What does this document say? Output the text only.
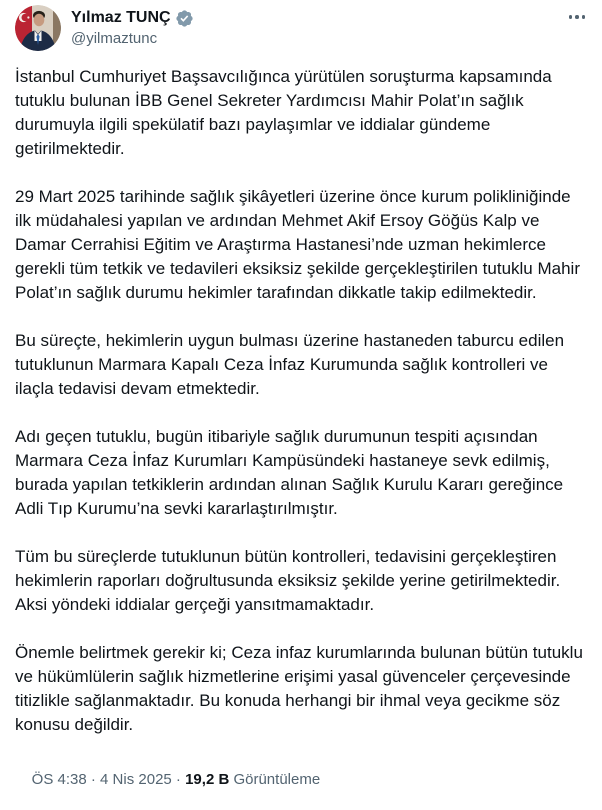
Yılmaz TUNÇ
@yilmaztunc

İstanbul Cumhuriyet Başsavcılığınca yürütülen soruşturma kapsamında tutuklu bulunan İBB Genel Sekreter Yardımcısı Mahir Polat’ın sağlık durumuyla ilgili spekülatif bazı paylaşımlar ve iddialar gündeme getirilmektedir.

29 Mart 2025 tarihinde sağlık şikâyetleri üzerine önce kurum polikliniğinde ilk müdahalesi yapılan ve ardından Mehmet Akif Ersoy Göğüs Kalp ve Damar Cerrahisi Eğitim ve Araştırma Hastanesi’nde uzman hekimlerce gerekli tüm tetkik ve tedavileri eksiksiz şekilde gerçekleştirilen tutuklu Mahir Polat’ın sağlık durumu hekimler tarafından dikkatle takip edilmektedir.

Bu süreçte, hekimlerin uygun bulması üzerine hastaneden taburcu edilen tutuklunun Marmara Kapalı Ceza İnfaz Kurumunda sağlık kontrolleri ve ilaçla tedavisi devam etmektedir.

Adı geçen tutuklu, bugün itibariyle sağlık durumunun tespiti açısından Marmara Ceza İnfaz Kurumları Kampüsündeki hastaneye sevk edilmiş, burada yapılan tetkiklerin ardından alınan Sağlık Kurulu Kararı gereğince Adli Tıp Kurumu’na sevki kararlaştırılmıştır.

Tüm bu süreçlerde tutuklunun bütün kontrolleri, tedavisini gerçekleştiren hekimlerin raporları doğrultusunda eksiksiz şekilde yerine getirilmektedir. Aksi yöndeki iddialar gerçeği yansıtmamaktadır.

Önemle belirtmek gerekir ki; Ceza infaz kurumlarında bulunan bütün tutuklu ve hükümlülerin sağlık hizmetlerine erişimi yasal güvenceler çerçevesinde titizlikle sağlanmaktadır. Bu konuda herhangi bir ihmal veya gecikme söz konusu değildir.

ÖS 4:38 · 4 Nis 2025 · 19,2 B Görüntüleme
